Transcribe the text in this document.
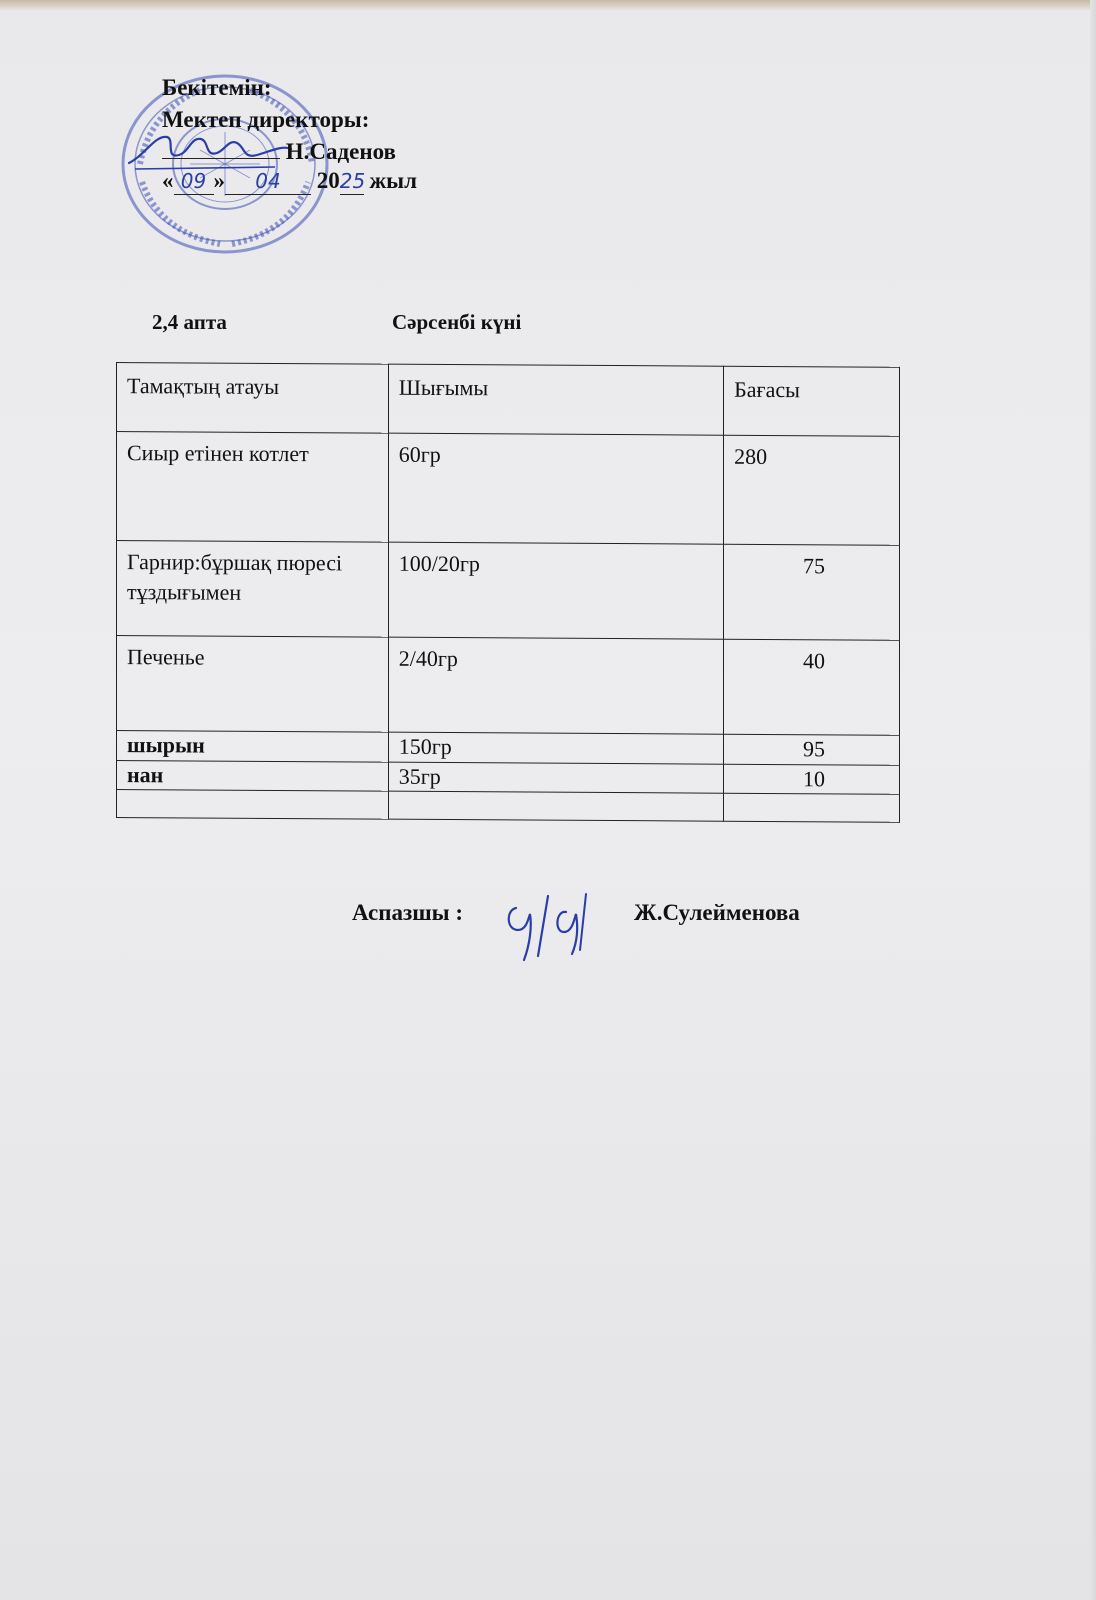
Бекітемін:
Мектеп директоры:
Н.Саденов
« 09 » 04 2025 жыл
2,4 апта	Сәрсенбі күні
Тамақтың атауы	Шығымы	Бағасы
Сиыр етінен котлет	60гр	280
Гарнир:бұршақ пюресі тұздығымен	100/20гр	75
Печенье	2/40гр	40
шырын	150гр	95
нан	35гр	10

Аспазшы :	Ж.Сулейменова
